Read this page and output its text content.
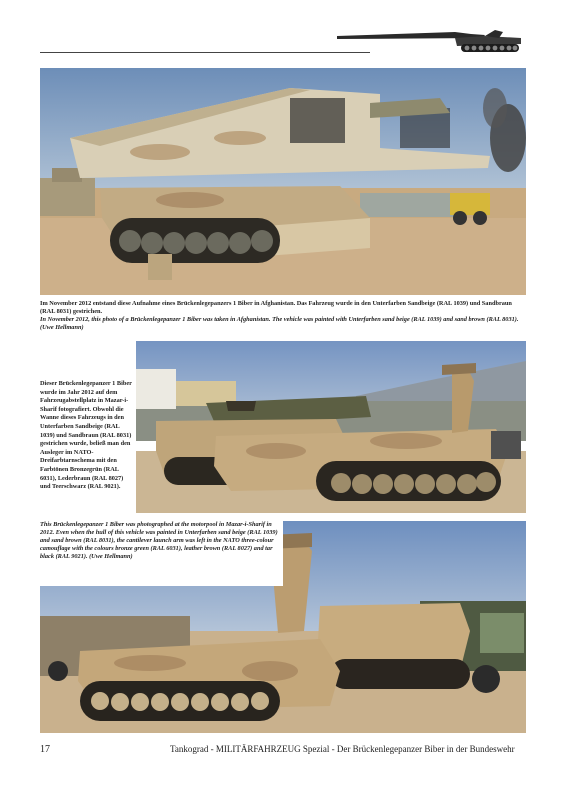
Im November 2012 entstand diese Aufnahme eines Brückenlegepanzers 1 Biber in Afghanistan. Das Fahrzeug wurde in den Unterfarben Sandbeige (RAL 1039) und Sandbraun (RAL 8031) gestrichen.
In November 2012, this photo of a Brückenlegepanzer 1 Biber was taken in Afghanistan. The vehicle was painted with Unterfarben sand beige (RAL 1039) and sand brown (RAL 8031). (Uwe Hellmann)
Dieser Brückenlegepanzer 1 Biber wurde im Jahr 2012 auf dem Fahrzeugabstellplatz in Mazar-i-Sharif fotografiert. Obwohl die Wanne dieses Fahrzeugs in den Unterfarben Sandbeige (RAL 1039) und Sandbraun (RAL 8031) gestrichen wurde, beließ man den Ausleger im NATO-Dreifarbtarnschema mit den Farbtönen Bronzegrün (RAL 6031), Lederbraun (RAL 8027) und Teerschwarz (RAL 9021).
This Brückenlegepanzer 1 Biber was photographed at the motorpool in Mazar-i-Sharif in 2012. Even when the hull of this vehicle was painted in Unterfarben sand beige (RAL 1039) and sand brown (RAL 8031), the cantilever launch arm was left in the NATO three-colour camouflage with the colours bronze green (RAL 6031), leather brown (RAL 8027) and tar black (RAL 9021). (Uwe Hellmann)
17	Tankograd - MILITÄRFAHRZEUG Spezial - Der Brückenlegepanzer Biber in der Bundeswehr
